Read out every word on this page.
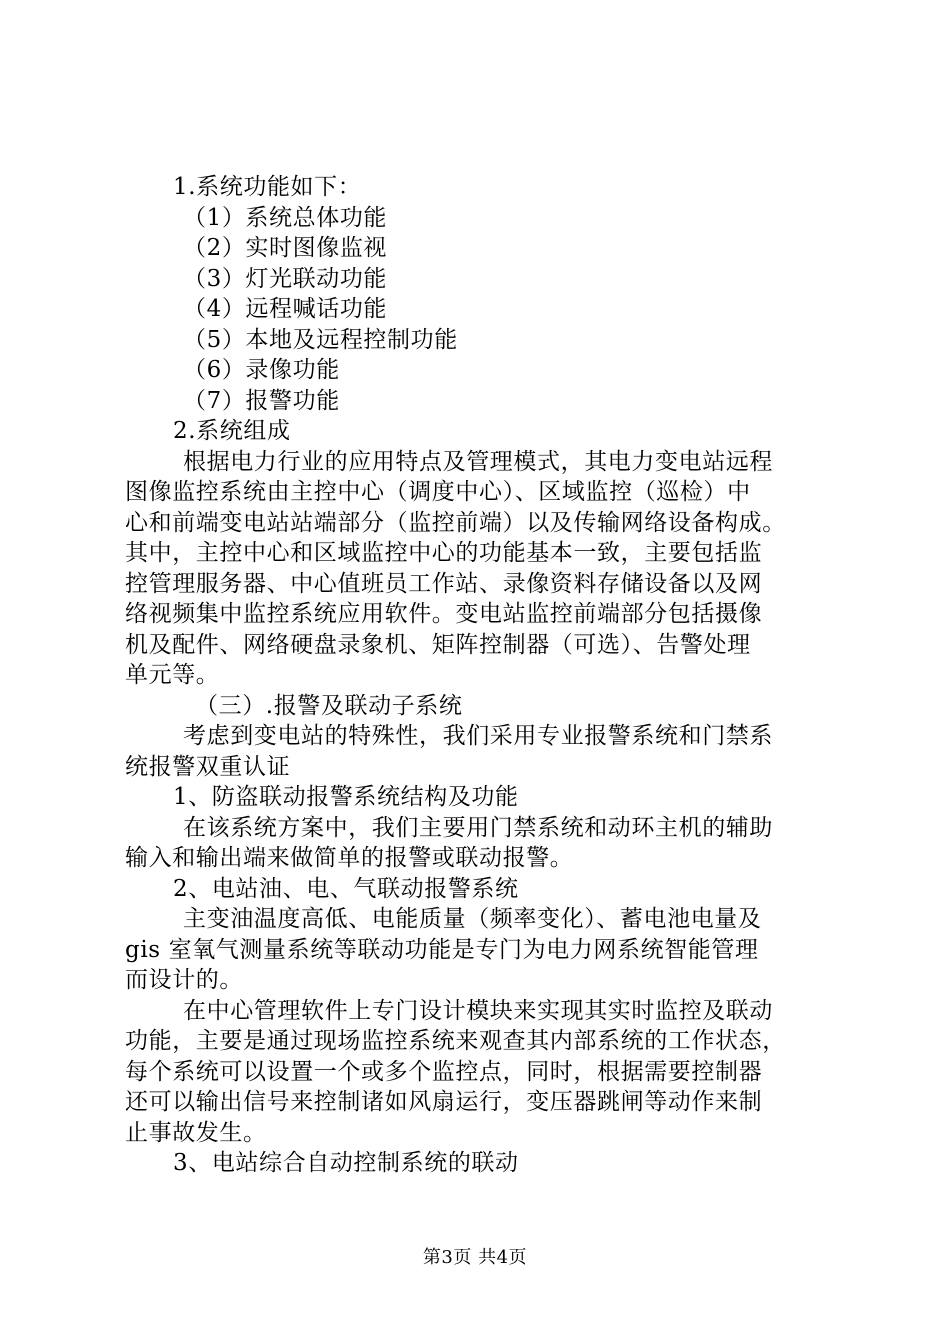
1.系统功能如下：
（1）系统总体功能
（2）实时图像监视
（3）灯光联动功能
（4）远程喊话功能
（5）本地及远程控制功能
（6）录像功能
（7）报警功能
2.系统组成
根据电力行业的应用特点及管理模式，其电力变电站远程
图像监控系统由主控中心（调度中心）、区域监控（巡检）中
心和前端变电站站端部分（监控前端）以及传输网络设备构成。
其中，主控中心和区域监控中心的功能基本一致，主要包括监
控管理服务器、中心值班员工作站、录像资料存储设备以及网
络视频集中监控系统应用软件。变电站监控前端部分包括摄像
机及配件、网络硬盘录象机、矩阵控制器（可选）、告警处理
单元等。
（三）.报警及联动子系统
考虑到变电站的特殊性，我们采用专业报警系统和门禁系
统报警双重认证
1、防盗联动报警系统结构及功能
在该系统方案中，我们主要用门禁系统和动环主机的辅助
输入和输出端来做简单的报警或联动报警。
2、电站油、电、气联动报警系统
主变油温度高低、电能质量（频率变化）、蓄电池电量及
gis 室氧气测量系统等联动功能是专门为电力网系统智能管理
而设计的。
在中心管理软件上专门设计模块来实现其实时监控及联动
功能，主要是通过现场监控系统来观查其内部系统的工作状态，
每个系统可以设置一个或多个监控点，同时，根据需要控制器
还可以输出信号来控制诸如风扇运行，变压器跳闸等动作来制
止事故发生。
3、电站综合自动控制系统的联动
第3页 共4页
